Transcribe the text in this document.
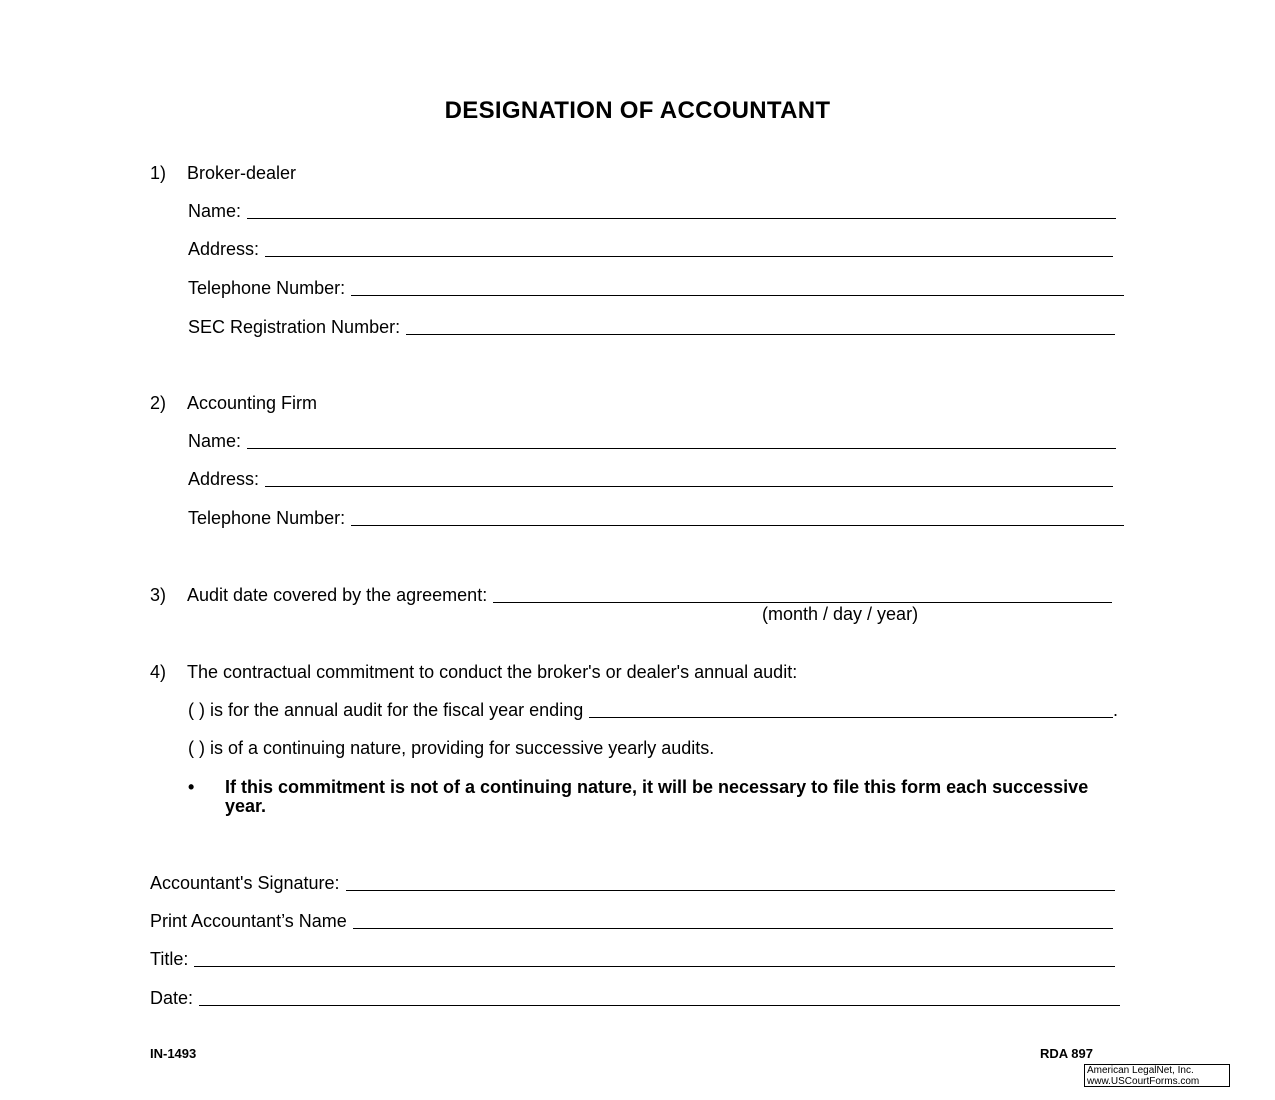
DESIGNATION OF ACCOUNTANT
1)	Broker-dealer
Name:
Address:
Telephone Number:
SEC Registration Number:
2)	Accounting Firm
Name:
Address:
Telephone Number:
3)	Audit date covered by the agreement:
(month / day / year)
4)	The contractual commitment to conduct the broker's or dealer's annual audit:
( ) is for the annual audit for the fiscal year ending	.
( ) is of a continuing nature, providing for successive yearly audits.
•	If this commitment is not of a continuing nature, it will be necessary to file this form each successive year.
Accountant's Signature:
Print Accountant’s Name
Title:
Date:
IN-1493	RDA 897
American LegalNet, Inc.
www.USCourtForms.com
